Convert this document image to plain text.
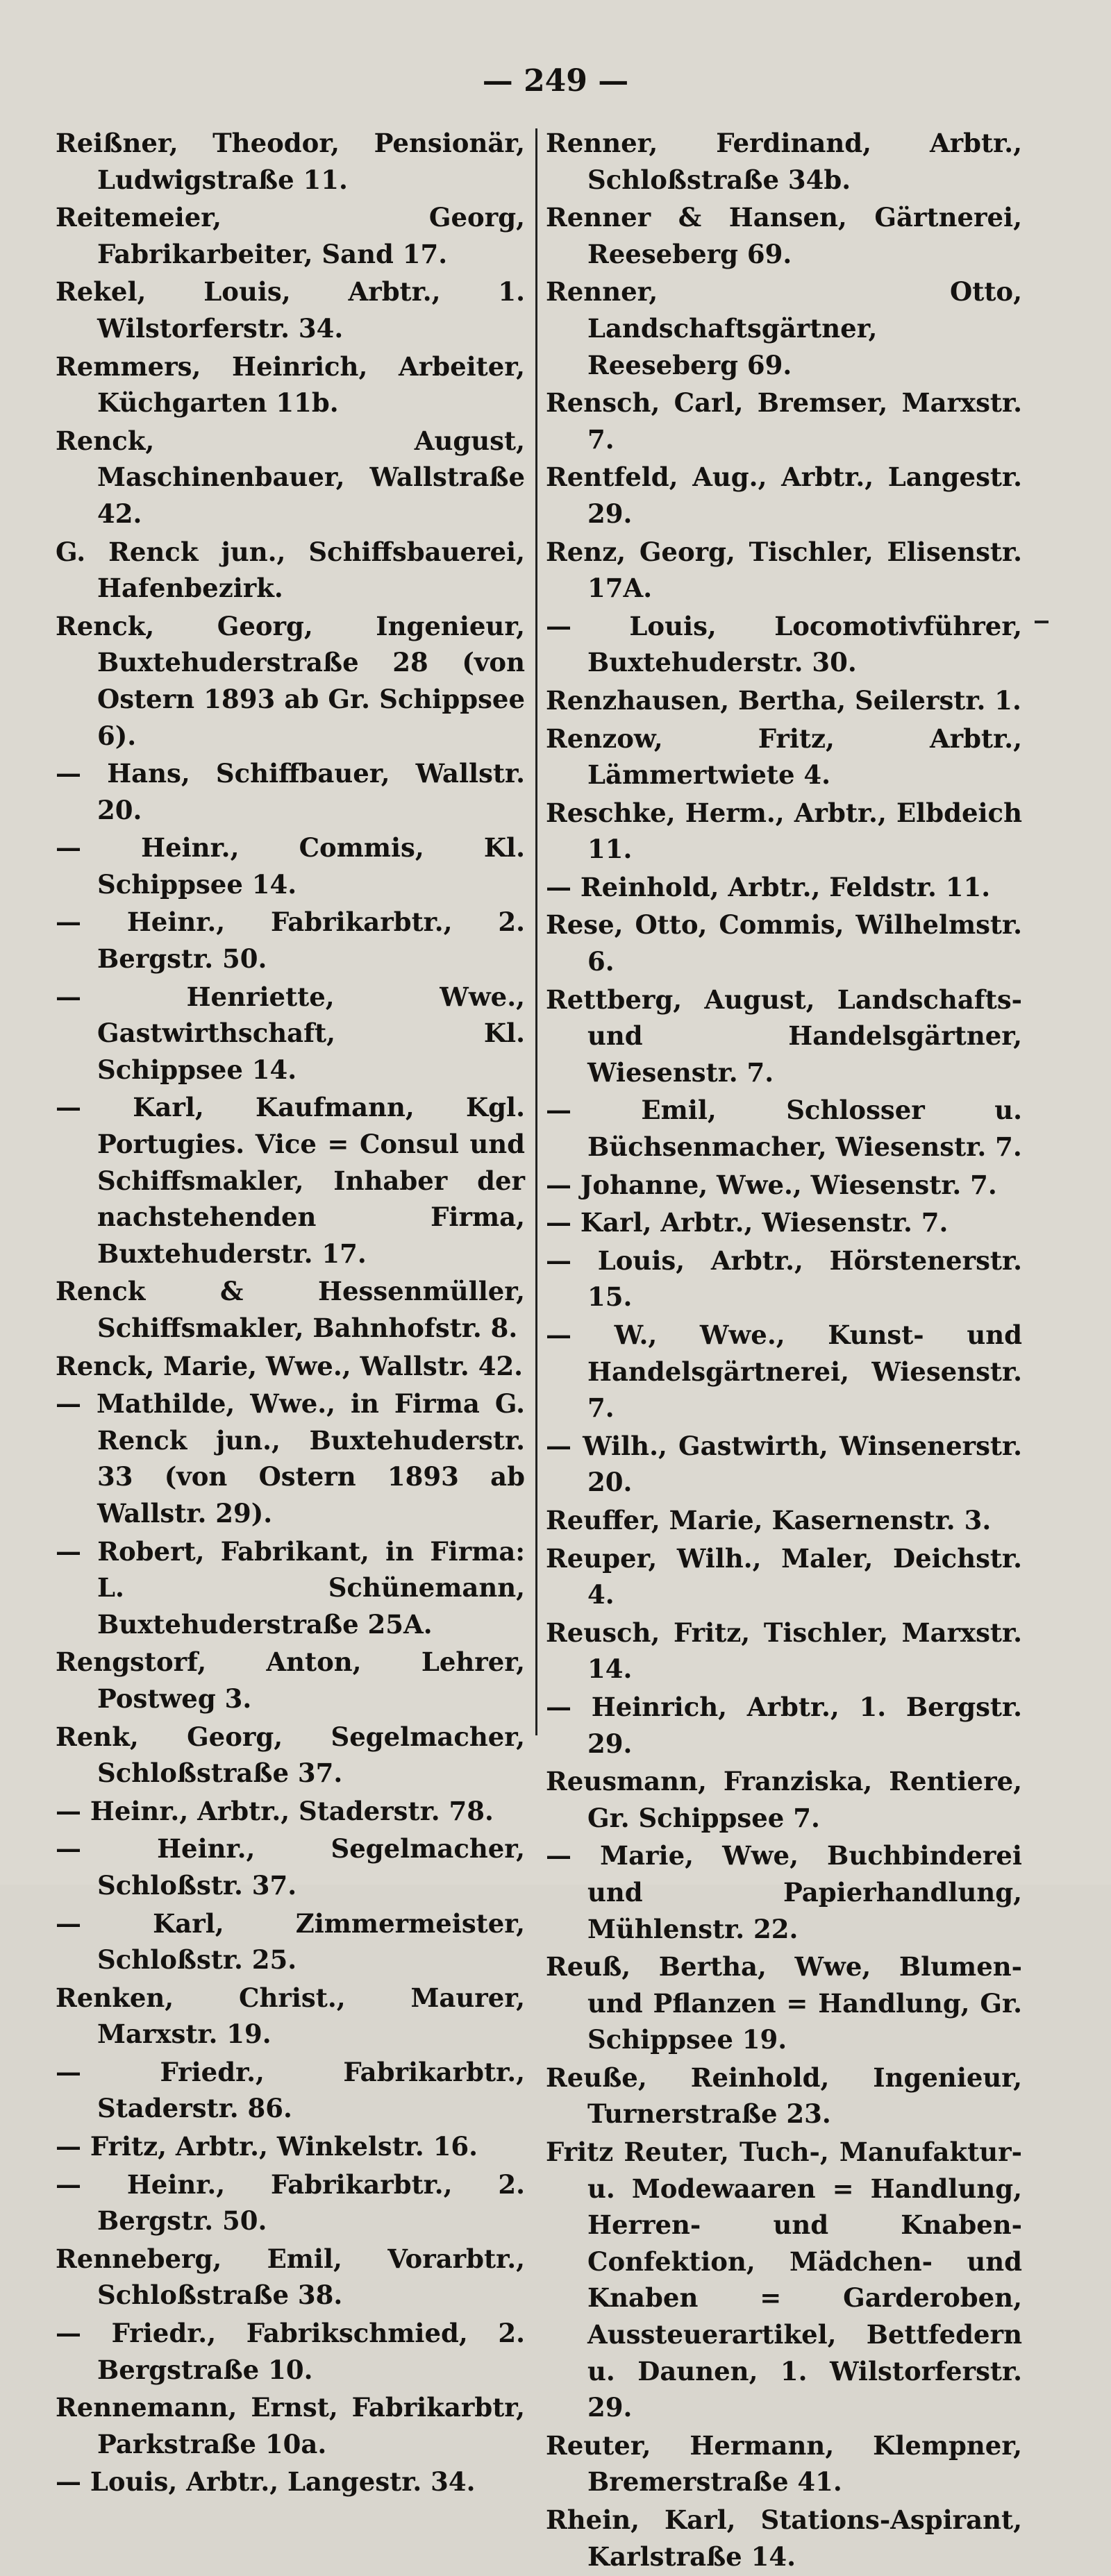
— 249 —
Reißner, Theodor, Pensionär, Ludwigstraße 11.
Reitemeier, Georg, Fabrikarbeiter, Sand 17.
Rekel, Louis, Arbtr., 1. Wilstorferstr. 34.
Remmers, Heinrich, Arbeiter, Küchgarten 11b.
Renck, August, Maschinenbauer, Wallstraße 42.
G. Renck jun., Schiffsbauerei, Hafenbezirk.
Renck, Georg, Ingenieur, Buxtehuderstraße 28 (von Ostern 1893 ab Gr. Schippsee 6).
— Hans, Schiffbauer, Wallstr. 20.
— Heinr., Commis, Kl. Schippsee 14.
— Heinr., Fabrikarbtr., 2. Bergstr. 50.
— Henriette, Wwe., Gastwirthschaft, Kl. Schippsee 14.
— Karl, Kaufmann, Kgl. Portugies. Vice = Consul und Schiffsmakler, Inhaber der nachstehenden Firma, Buxtehuderstr. 17.
Renck & Hessenmüller, Schiffsmakler, Bahnhofstr. 8.
Renck, Marie, Wwe., Wallstr. 42.
— Mathilde, Wwe., in Firma G. Renck jun., Buxtehuderstr. 33 (von Ostern 1893 ab Wallstr. 29).
— Robert, Fabrikant, in Firma: L. Schünemann, Buxtehuderstraße 25A.
Rengstorf, Anton, Lehrer, Postweg 3.
Renk, Georg, Segelmacher, Schloßstraße 37.
— Heinr., Arbtr., Staderstr. 78.
— Heinr., Segelmacher, Schloßstr. 37.
— Karl, Zimmermeister, Schloßstr. 25.
Renken, Christ., Maurer, Marxstr. 19.
— Friedr., Fabrikarbtr., Staderstr. 86.
— Fritz, Arbtr., Winkelstr. 16.
— Heinr., Fabrikarbtr., 2. Bergstr. 50.
Renneberg, Emil, Vorarbtr., Schloßstraße 38.
— Friedr., Fabrikschmied, 2. Bergstraße 10.
Rennemann, Ernst, Fabrikarbtr, Parkstraße 10a.
— Louis, Arbtr., Langestr. 34.
Renner, Ferdinand, Arbtr., Schloßstraße 34b.
Renner & Hansen, Gärtnerei, Reeseberg 69.
Renner, Otto, Landschaftsgärtner, Reeseberg 69.
Rensch, Carl, Bremser, Marxstr. 7.
Rentfeld, Aug., Arbtr., Langestr. 29.
Renz, Georg, Tischler, Elisenstr. 17A.
— Louis, Locomotivführer, Buxtehuderstr. 30.
Renzhausen, Bertha, Seilerstr. 1.
Renzow, Fritz, Arbtr., Lämmertwiete 4.
Reschke, Herm., Arbtr., Elbdeich 11.
— Reinhold, Arbtr., Feldstr. 11.
Rese, Otto, Commis, Wilhelmstr. 6.
Rettberg, August, Landschafts- und Handelsgärtner, Wiesenstr. 7.
— Emil, Schlosser u. Büchsenmacher, Wiesenstr. 7.
— Johanne, Wwe., Wiesenstr. 7.
— Karl, Arbtr., Wiesenstr. 7.
— Louis, Arbtr., Hörstenerstr. 15.
— W., Wwe., Kunst- und Handelsgärtnerei, Wiesenstr. 7.
— Wilh., Gastwirth, Winsenerstr. 20.
Reuffer, Marie, Kasernenstr. 3.
Reuper, Wilh., Maler, Deichstr. 4.
Reusch, Fritz, Tischler, Marxstr. 14.
— Heinrich, Arbtr., 1. Bergstr. 29.
Reusmann, Franziska, Rentiere, Gr. Schippsee 7.
— Marie, Wwe, Buchbinderei und Papierhandlung, Mühlenstr. 22.
Reuß, Bertha, Wwe, Blumen- und Pflanzen = Handlung, Gr. Schippsee 19.
Reuße, Reinhold, Ingenieur, Turnerstraße 23.
Fritz Reuter, Tuch-, Manufaktur- u. Modewaaren = Handlung, Herren- und Knaben-Confektion, Mädchen- und Knaben = Garderoben, Aussteuerartikel, Bettfedern u. Daunen, 1. Wilstorferstr. 29.
Reuter, Hermann, Klempner, Bremerstraße 41.
Rhein, Karl, Stations-Aspirant, Karlstraße 14.
